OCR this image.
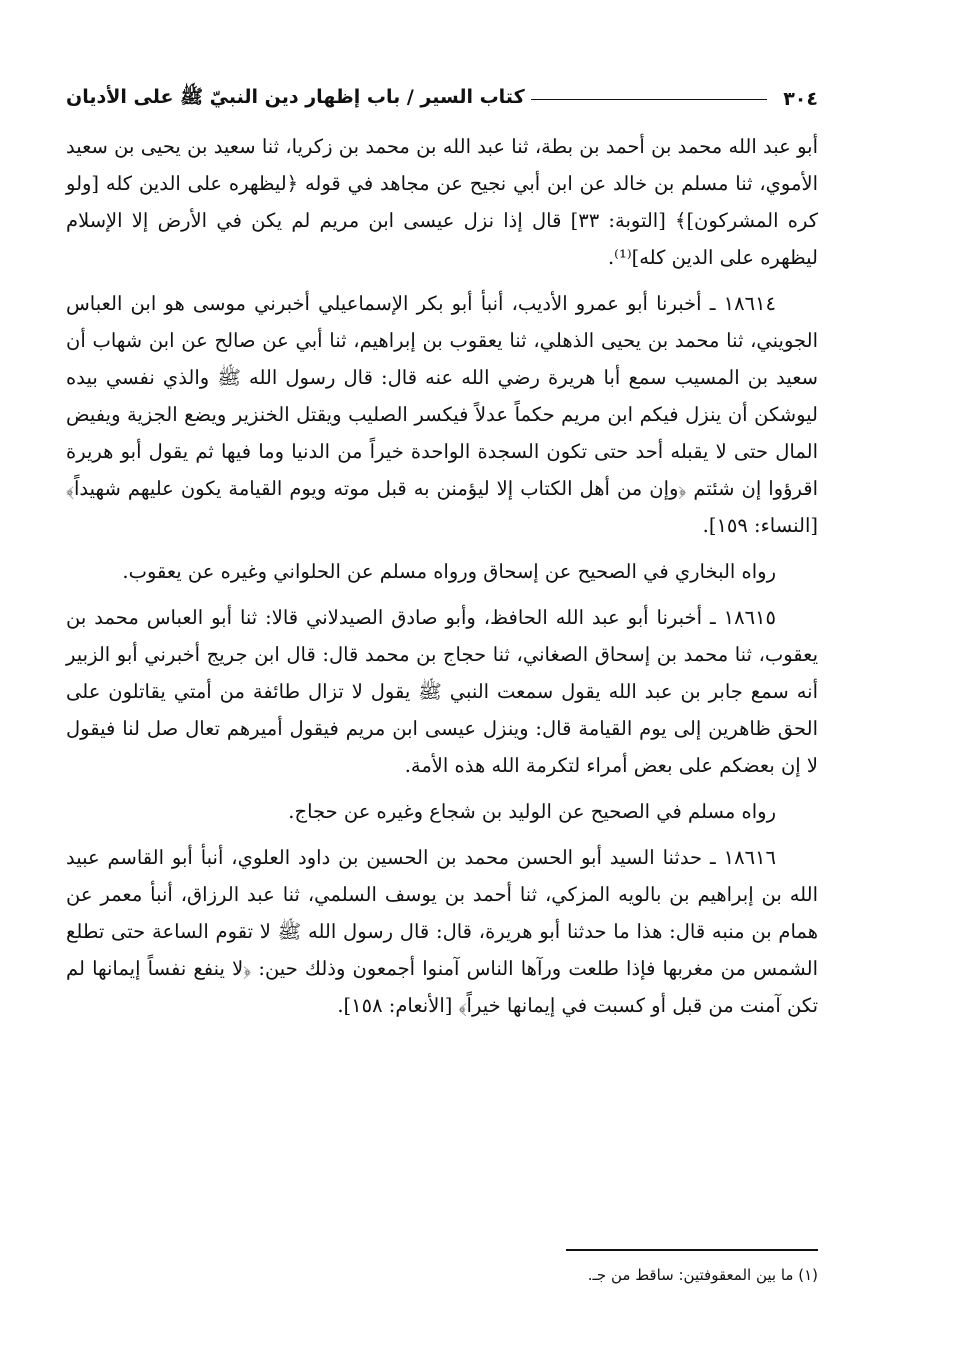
٣٠٤
كتاب السير / باب إظهار دين النبيّ ﷺ على الأديان

أبو عبد الله محمد بن أحمد بن بطة، ثنا عبد الله بن محمد بن زكريا، ثنا سعيد بن يحيى بن سعيد الأموي، ثنا مسلم بن خالد عن ابن أبي نجيح عن مجاهد في قوله ﴿ليظهره على الدين كله [ولو كره المشركون]﴾ [التوبة: ٣٣] قال إذا نزل عيسى ابن مريم لم يكن في الأرض إلا الإسلام ليظهره على الدين كله]⁽¹⁾.

١٨٦١٤ ـ أخبرنا أبو عمرو الأديب، أنبأ أبو بكر الإسماعيلي أخبرني موسى هو ابن العباس الجويني، ثنا محمد بن يحيى الذهلي، ثنا يعقوب بن إبراهيم، ثنا أبي عن صالح عن ابن شهاب أن سعيد بن المسيب سمع أبا هريرة رضي الله عنه قال: قال رسول الله ﷺ والذي نفسي بيده ليوشكن أن ينزل فيكم ابن مريم حكماً عدلاً فيكسر الصليب ويقتل الخنزير ويضع الجزية ويفيض المال حتى لا يقبله أحد حتى تكون السجدة الواحدة خيراً من الدنيا وما فيها ثم يقول أبو هريرة اقرؤوا إن شئتم ﴿وإن من أهل الكتاب إلا ليؤمنن به قبل موته ويوم القيامة يكون عليهم شهيداً﴾ [النساء: ١٥٩].

رواه البخاري في الصحيح عن إسحاق ورواه مسلم عن الحلواني وغيره عن يعقوب.

١٨٦١٥ ـ أخبرنا أبو عبد الله الحافظ، وأبو صادق الصيدلاني قالا: ثنا أبو العباس محمد بن يعقوب، ثنا محمد بن إسحاق الصغاني، ثنا حجاج بن محمد قال: قال ابن جريج أخبرني أبو الزبير أنه سمع جابر بن عبد الله يقول سمعت النبي ﷺ يقول لا تزال طائفة من أمتي يقاتلون على الحق ظاهرين إلى يوم القيامة قال: وينزل عيسى ابن مريم فيقول أميرهم تعال صل لنا فيقول لا إن بعضكم على بعض أمراء لتكرمة الله هذه الأمة.

رواه مسلم في الصحيح عن الوليد بن شجاع وغيره عن حجاج.

١٨٦١٦ ـ حدثنا السيد أبو الحسن محمد بن الحسين بن داود العلوي، أنبأ أبو القاسم عبيد الله بن إبراهيم بن بالويه المزكي، ثنا أحمد بن يوسف السلمي، ثنا عبد الرزاق، أنبأ معمر عن همام بن منبه قال: هذا ما حدثنا أبو هريرة، قال: قال رسول الله ﷺ لا تقوم الساعة حتى تطلع الشمس من مغربها فإذا طلعت ورآها الناس آمنوا أجمعون وذلك حين: ﴿لا ينفع نفساً إيمانها لم تكن آمنت من قبل أو كسبت في إيمانها خيراً﴾ [الأنعام: ١٥٨].

(١) ما بين المعقوفتين: ساقط من جـ.
